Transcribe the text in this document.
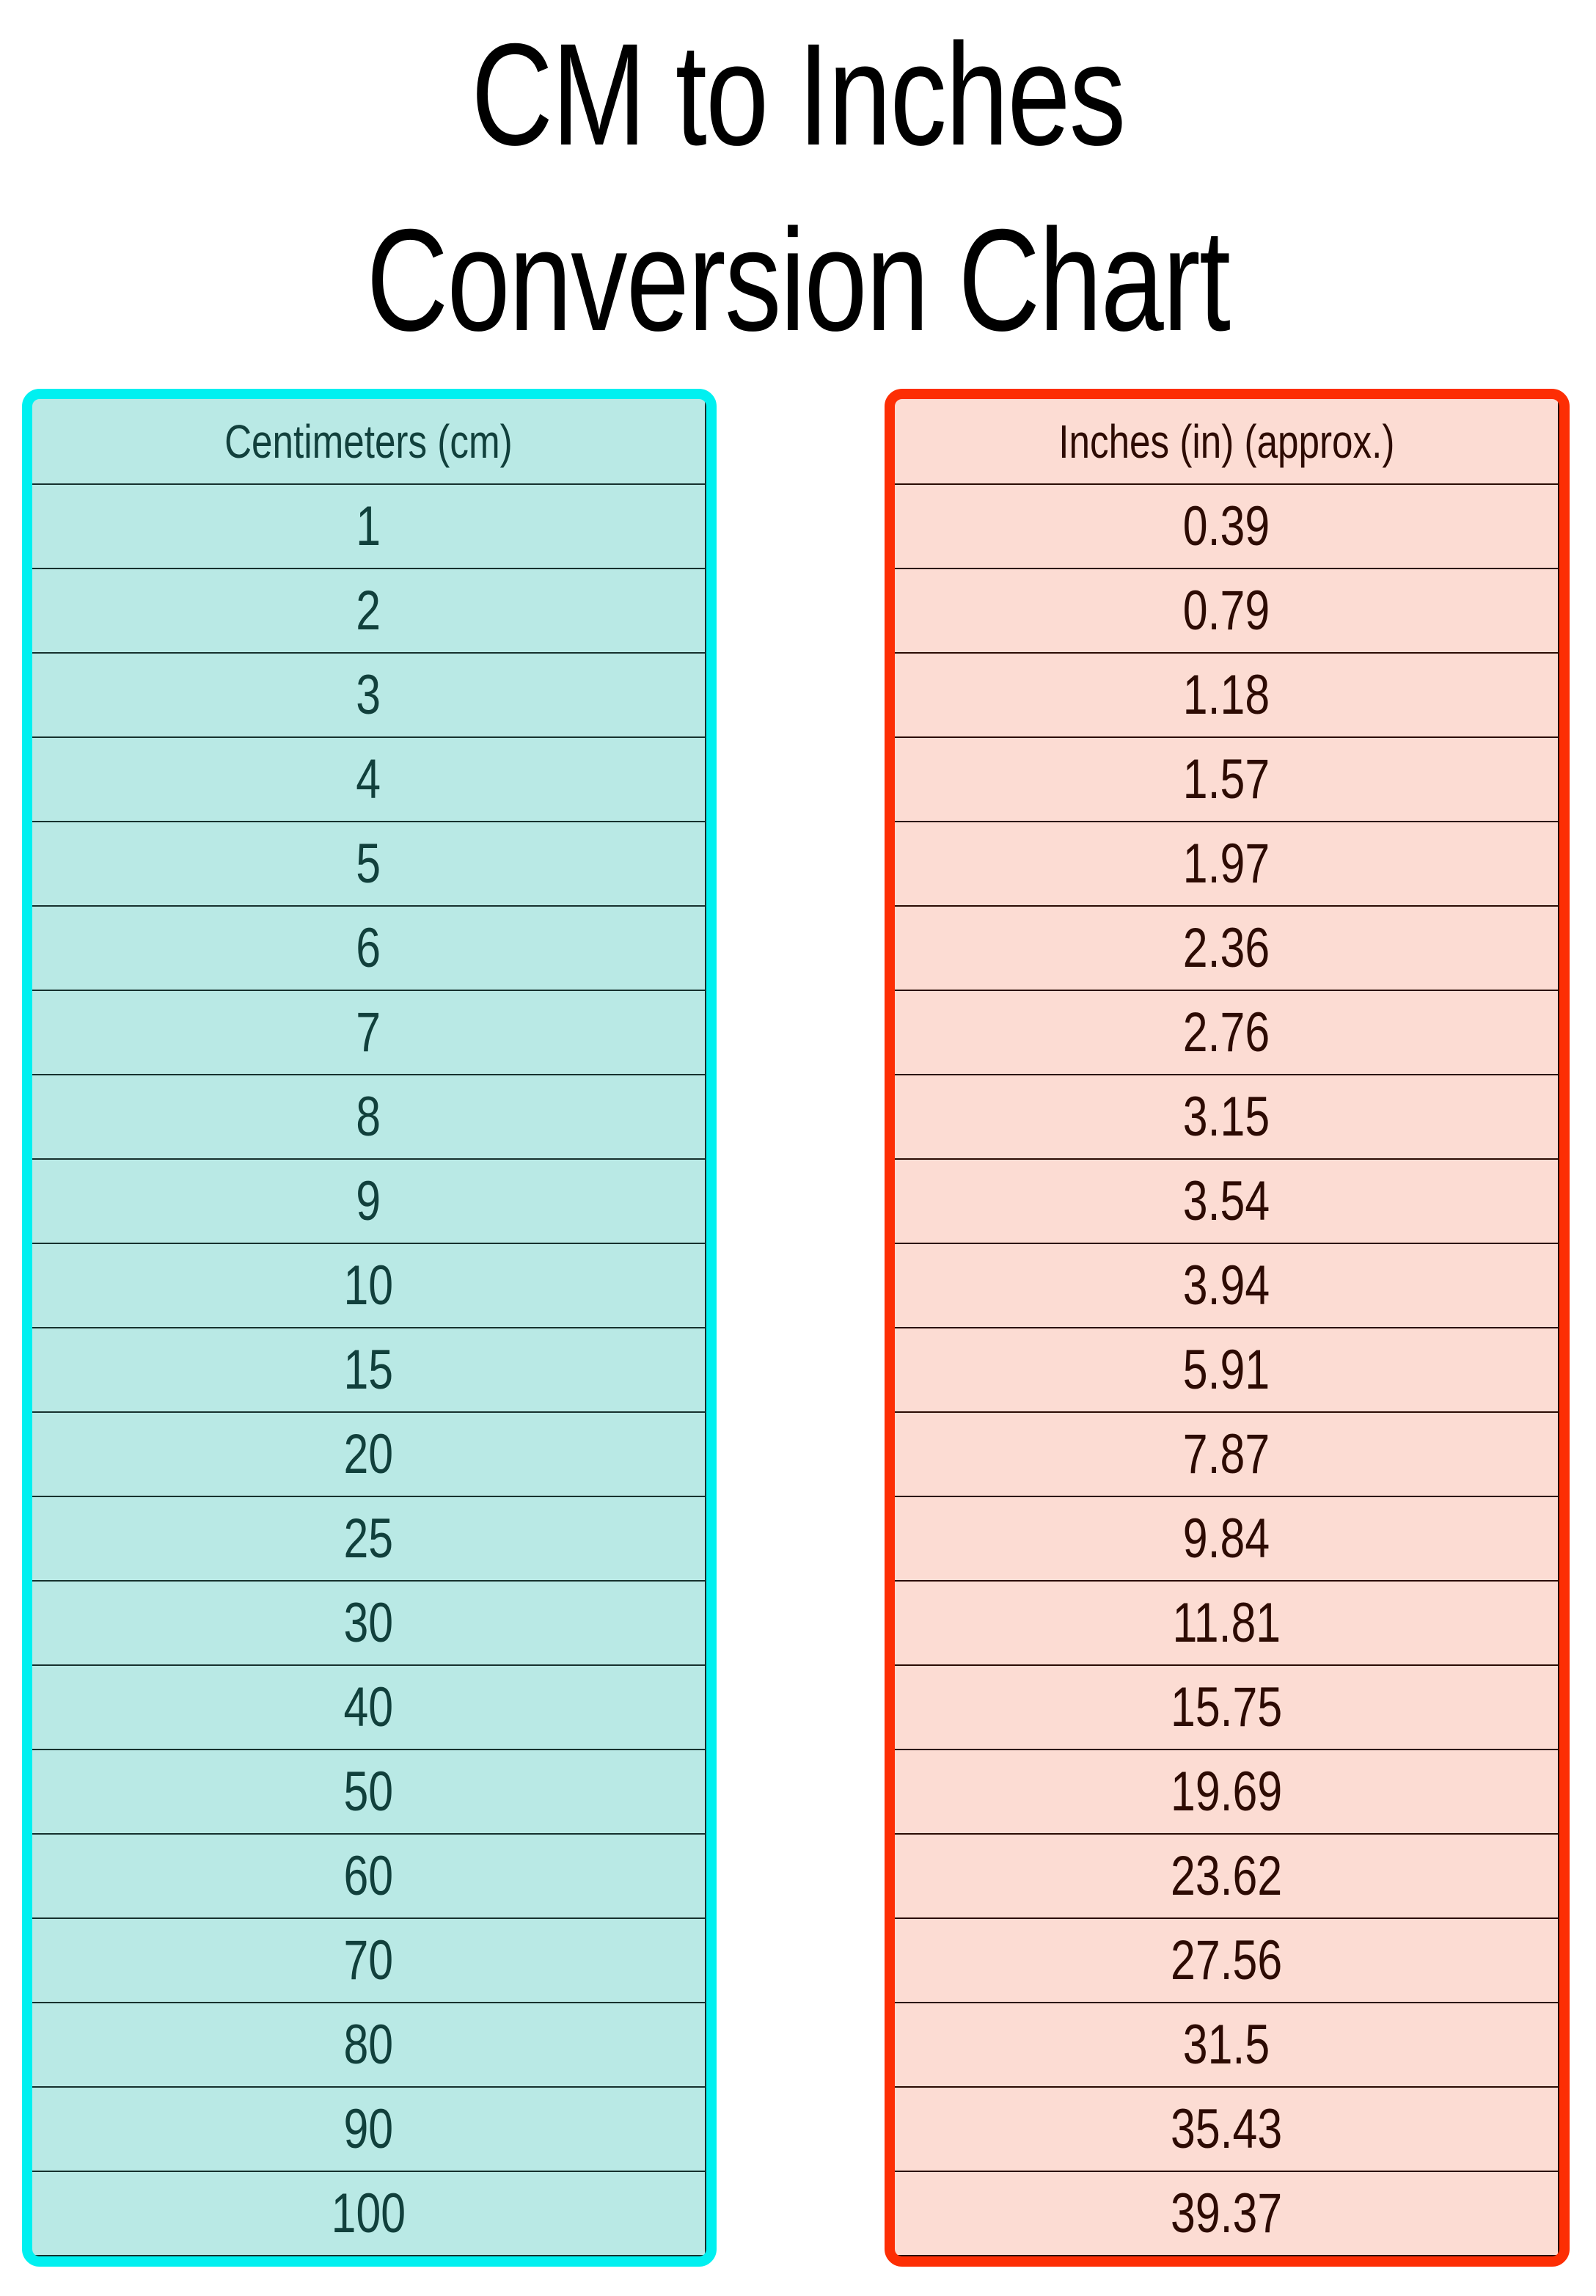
CM to Inches
Conversion Chart
Centimeters (cm)
1
2
3
4
5
6
7
8
9
10
15
20
25
30
40
50
60
70
80
90
100
Inches (in) (approx.)
0.39
0.79
1.18
1.57
1.97
2.36
2.76
3.15
3.54
3.94
5.91
7.87
9.84
11.81
15.75
19.69
23.62
27.56
31.5
35.43
39.37
